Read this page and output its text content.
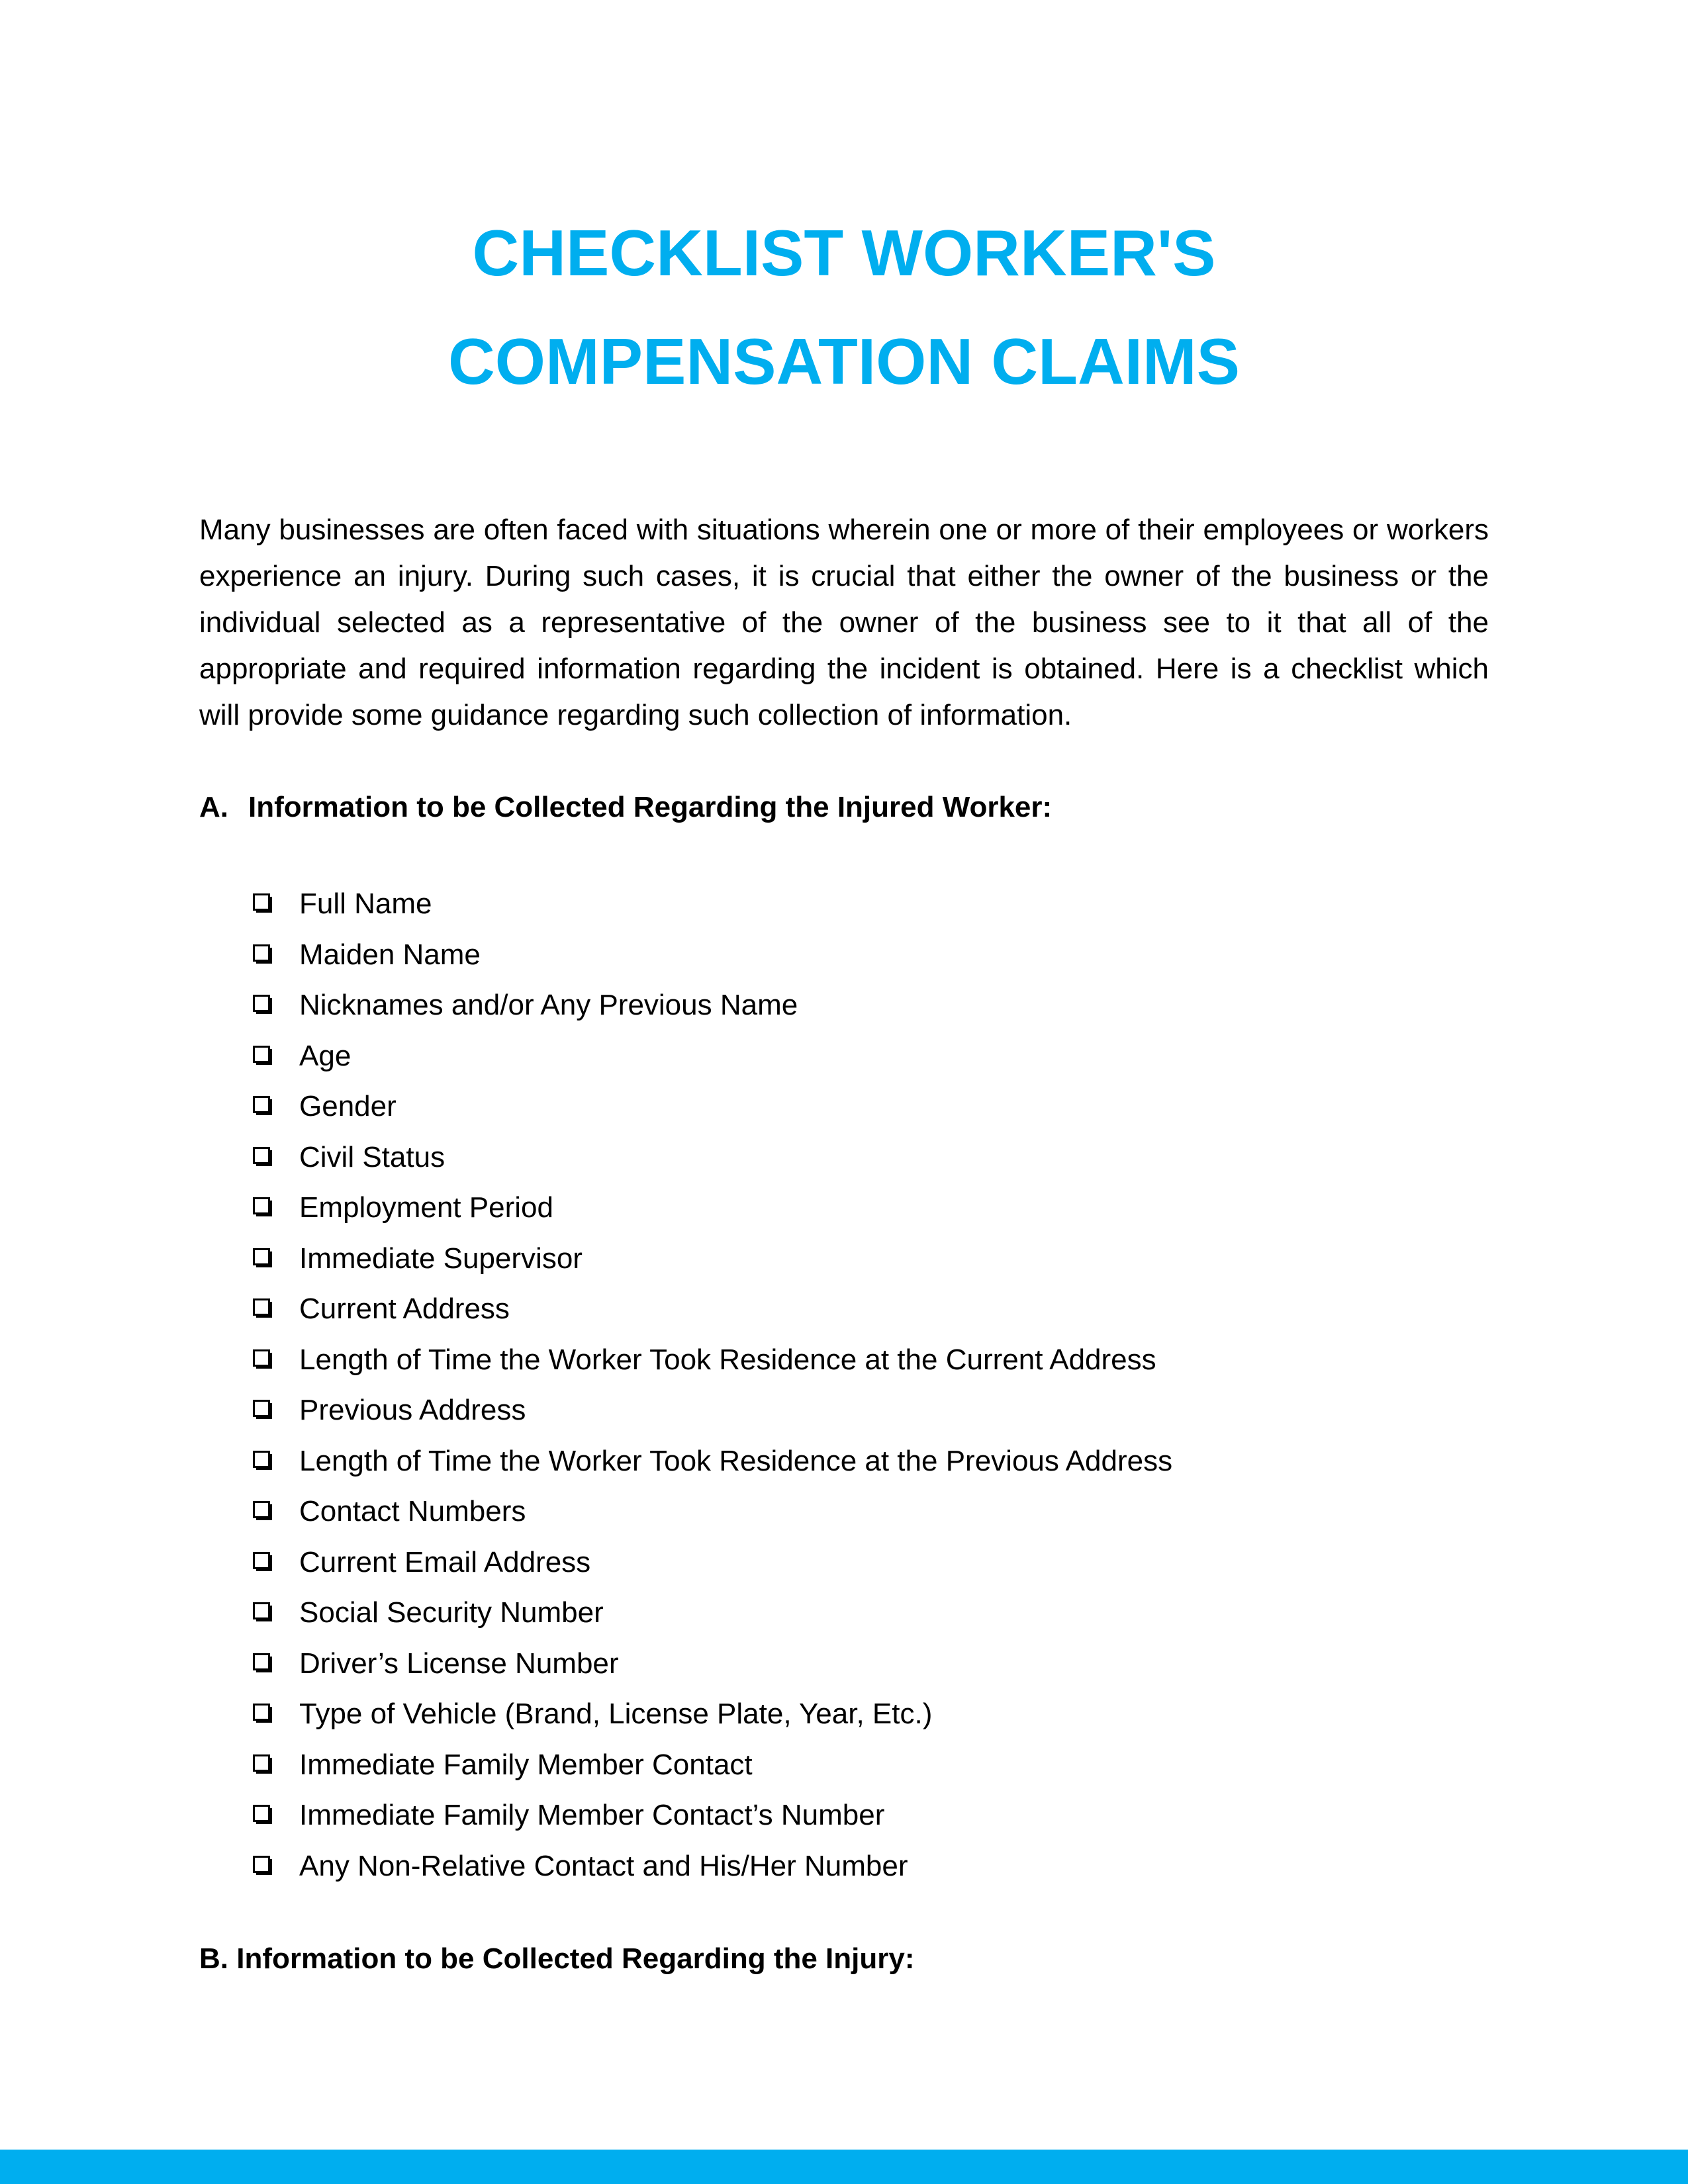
CHECKLIST WORKER'S
COMPENSATION CLAIMS

Many businesses are often faced with situations wherein one or more of their employees or workers experience an injury. During such cases, it is crucial that either the owner of the business or the individual selected as a representative of the owner of the business see to it that all of the appropriate and required information regarding the incident is obtained. Here is a checklist which will provide some guidance regarding such collection of information.

A. Information to be Collected Regarding the Injured Worker:
Full Name
Maiden Name
Nicknames and/or Any Previous Name
Age
Gender
Civil Status
Employment Period
Immediate Supervisor
Current Address
Length of Time the Worker Took Residence at the Current Address
Previous Address
Length of Time the Worker Took Residence at the Previous Address
Contact Numbers
Current Email Address
Social Security Number
Driver’s License Number
Type of Vehicle (Brand, License Plate, Year, Etc.)
Immediate Family Member Contact
Immediate Family Member Contact’s Number
Any Non-Relative Contact and His/Her Number
B. Information to be Collected Regarding the Injury:
